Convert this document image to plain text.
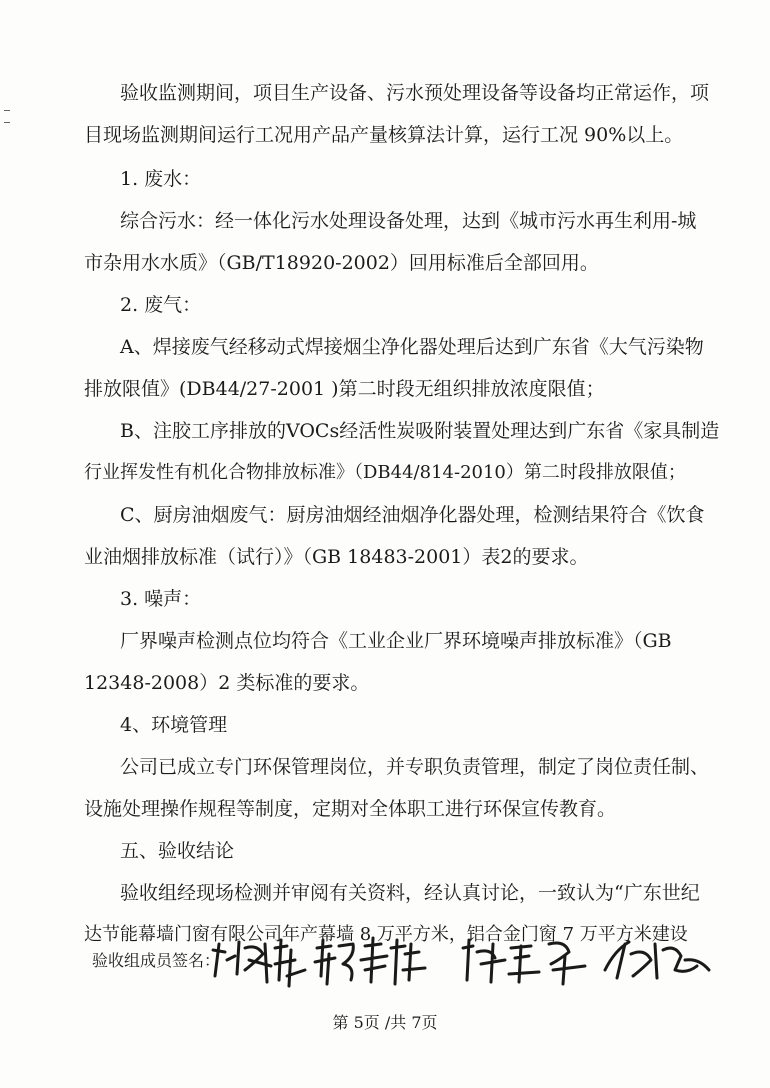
验收监测期间，项目生产设备、污水预处理设备等设备均正常运作，项
目现场监测期间运行工况用产品产量核算法计算，运行工况 90%以上。
1. 废水：
综合污水：经一体化污水处理设备处理，达到《城市污水再生利用-城
市杂用水水质》（GB/T18920-2002）回用标准后全部回用。
2. 废气：
A、焊接废气经移动式焊接烟尘净化器处理后达到广东省《大气污染物
排放限值》(DB44/27-2001 )第二时段无组织排放浓度限值；
B、注胶工序排放的VOCs经活性炭吸附装置处理达到广东省《家具制造
行业挥发性有机化合物排放标准》（DB44/814-2010）第二时段排放限值；
C、厨房油烟废气：厨房油烟经油烟净化器处理，检测结果符合《饮食
业油烟排放标准（试行）》（GB 18483-2001）表2的要求。
3. 噪声：
厂界噪声检测点位均符合《工业企业厂界环境噪声排放标准》（GB
12348-2008）2 类标准的要求。
4、环境管理
公司已成立专门环保管理岗位，并专职负责管理，制定了岗位责任制、
设施处理操作规程等制度，定期对全体职工进行环保宣传教育。
五、验收结论
验收组经现场检测并审阅有关资料，经认真讨论，一致认为“广东世纪
达节能幕墙门窗有限公司年产幕墙 8 万平方米，铝合金门窗 7 万平方米建设
验收组成员签名：
第 5页 /共 7页
